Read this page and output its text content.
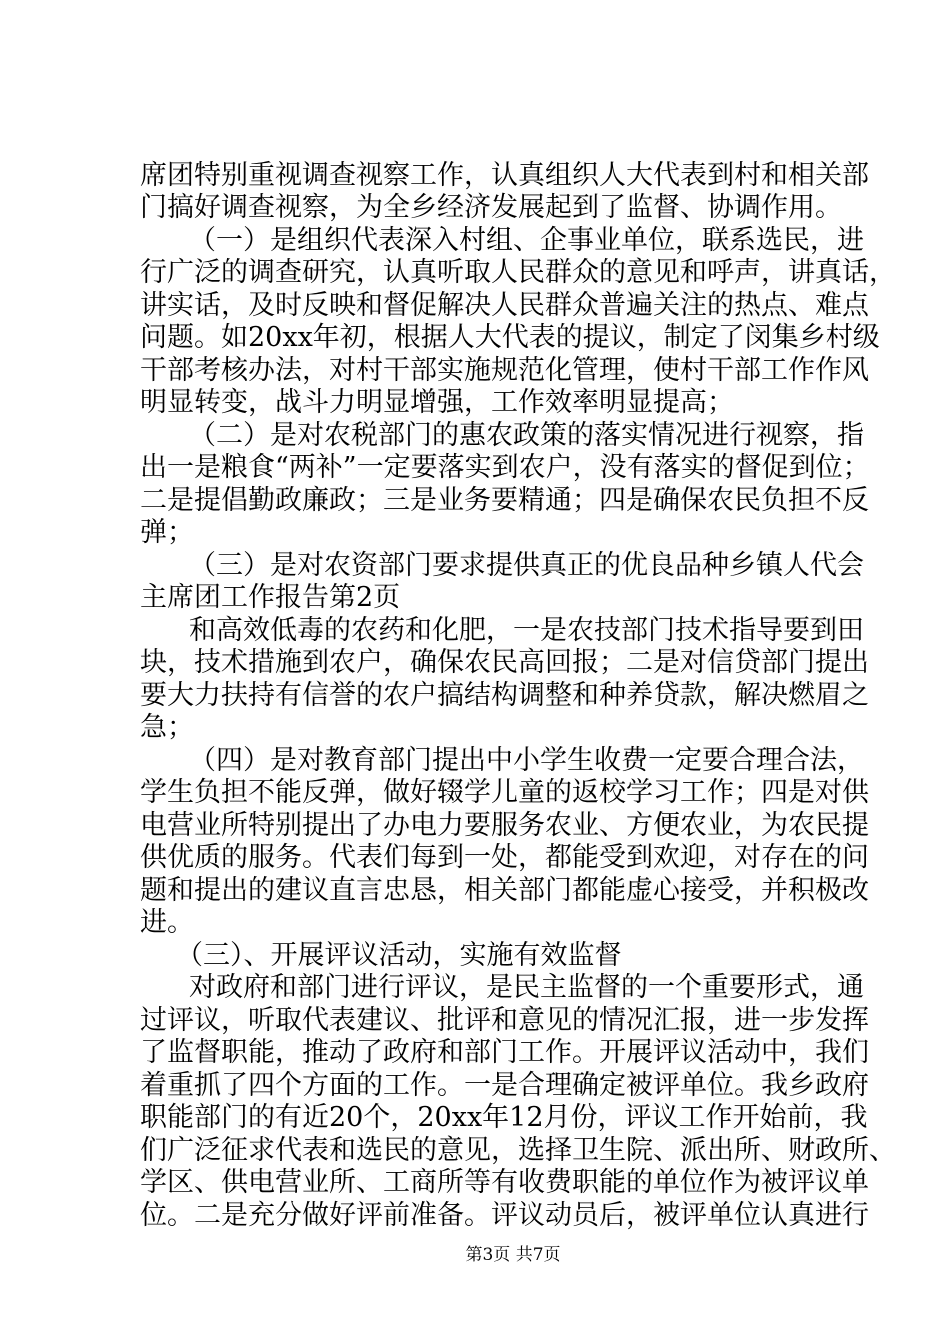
席团特别重视调查视察工作，认真组织人大代表到村和相关部
门搞好调查视察，为全乡经济发展起到了监督、协调作用。
（一）是组织代表深入村组、企事业单位，联系选民，进
行广泛的调查研究，认真听取人民群众的意见和呼声，讲真话，
讲实话，及时反映和督促解决人民群众普遍关注的热点、难点
问题。如20xx年初，根据人大代表的提议，制定了闵集乡村级
干部考核办法，对村干部实施规范化管理，使村干部工作作风
明显转变，战斗力明显增强，工作效率明显提高；
（二）是对农税部门的惠农政策的落实情况进行视察，指
出一是粮食“两补”一定要落实到农户，没有落实的督促到位；
二是提倡勤政廉政；三是业务要精通；四是确保农民负担不反
弹；
（三）是对农资部门要求提供真正的优良品种乡镇人代会
主席团工作报告第2页
和高效低毒的农药和化肥，一是农技部门技术指导要到田
块，技术措施到农户，确保农民高回报；二是对信贷部门提出
要大力扶持有信誉的农户搞结构调整和种养贷款，解决燃眉之
急；
（四）是对教育部门提出中小学生收费一定要合理合法，
学生负担不能反弹，做好辍学儿童的返校学习工作；四是对供
电营业所特别提出了办电力要服务农业、方便农业，为农民提
供优质的服务。代表们每到一处，都能受到欢迎，对存在的问
题和提出的建议直言忠恳，相关部门都能虚心接受，并积极改
进。
（三）、开展评议活动，实施有效监督
对政府和部门进行评议，是民主监督的一个重要形式，通
过评议，听取代表建议、批评和意见的情况汇报，进一步发挥
了监督职能，推动了政府和部门工作。开展评议活动中，我们
着重抓了四个方面的工作。一是合理确定被评单位。我乡政府
职能部门的有近20个，20xx年12月份，评议工作开始前，我
们广泛征求代表和选民的意见，选择卫生院、派出所、财政所、
学区、供电营业所、工商所等有收费职能的单位作为被评议单
位。二是充分做好评前准备。评议动员后，被评单位认真进行
第3页 共7页
